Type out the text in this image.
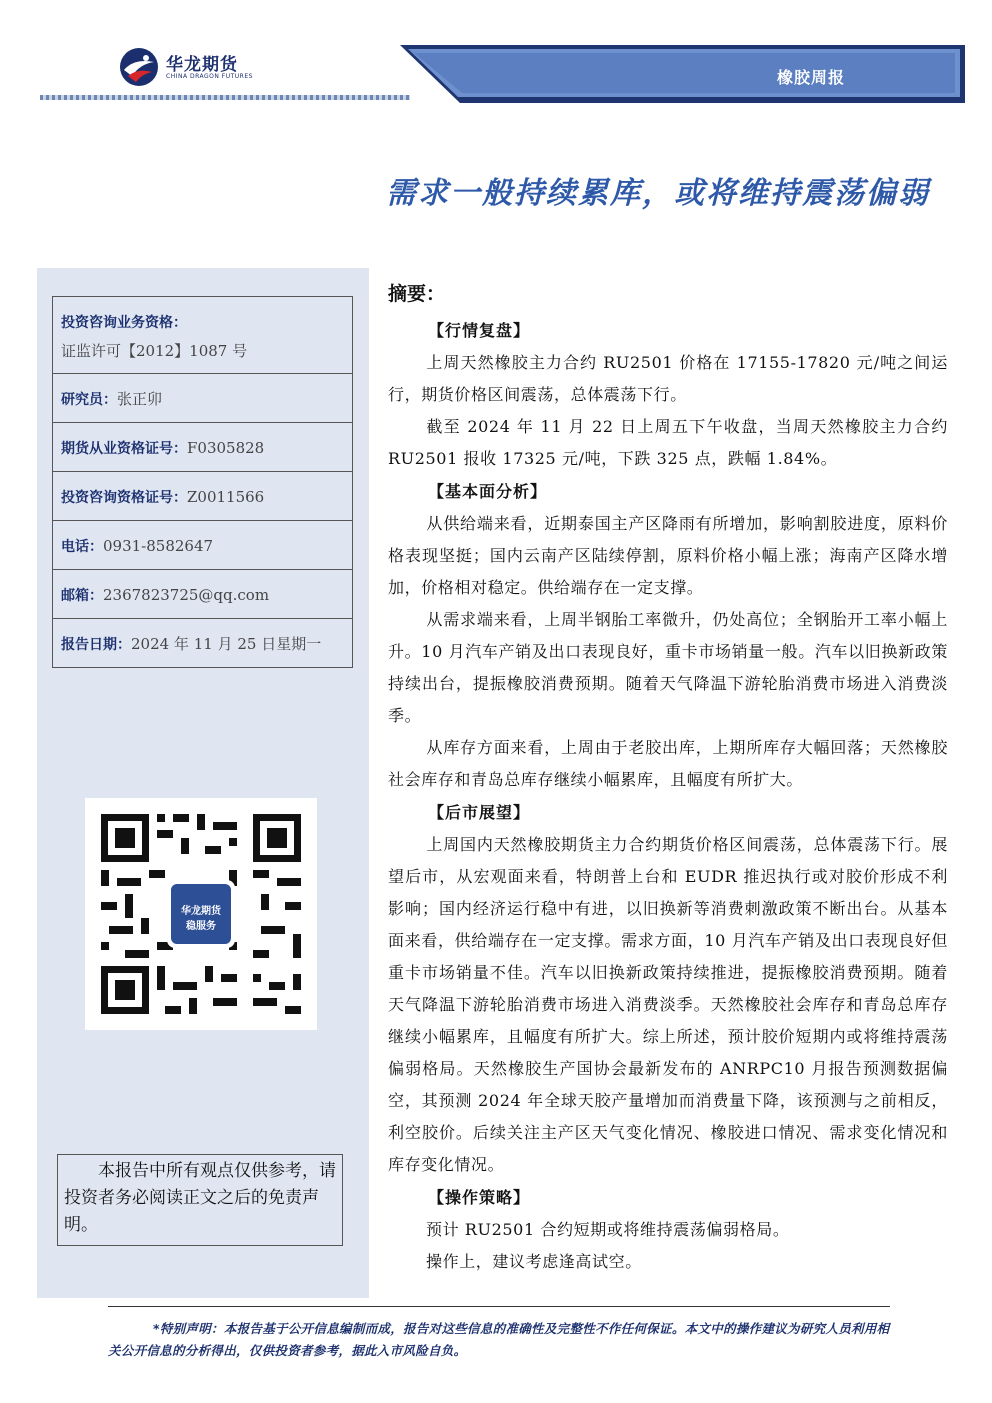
华龙期货
CHINA DRAGON FUTURES	橡胶周报
需求一般持续累库，或将维持震荡偏弱
投资咨询业务资格：
证监许可【2012】1087 号
研究员：张正卯
期货从业资格证号：F0305828
投资咨询资格证号：Z0011566
电话：0931-8582647
邮箱：2367823725@qq.com
报告日期：2024 年 11 月 25 日星期一
华龙期货
稳服务
本报告中所有观点仅供参考，请投资者务必阅读正文之后的免责声明。
摘要：
【行情复盘】

上周天然橡胶主力合约 RU2501 价格在 17155-17820 元/吨之间运行，期货价格区间震荡，总体震荡下行。

截至 2024 年 11 月 22 日上周五下午收盘，当周天然橡胶主力合约 RU2501 报收 17325 元/吨，下跌 325 点，跌幅 1.84%。

【基本面分析】

从供给端来看，近期泰国主产区降雨有所增加，影响割胶进度，原料价格表现坚挺；国内云南产区陆续停割，原料价格小幅上涨；海南产区降水增加，价格相对稳定。供给端存在一定支撑。

从需求端来看，上周半钢胎工率微升，仍处高位；全钢胎开工率小幅上升。10 月汽车产销及出口表现良好，重卡市场销量一般。汽车以旧换新政策持续出台，提振橡胶消费预期。随着天气降温下游轮胎消费市场进入消费淡季。

从库存方面来看，上周由于老胶出库，上期所库存大幅回落；天然橡胶社会库存和青岛总库存继续小幅累库，且幅度有所扩大。

【后市展望】

上周国内天然橡胶期货主力合约期货价格区间震荡，总体震荡下行。展望后市，从宏观面来看，特朗普上台和 EUDR 推迟执行或对胶价形成不利影响；国内经济运行稳中有进，以旧换新等消费刺激政策不断出台。从基本面来看，供给端存在一定支撑。需求方面，10 月汽车产销及出口表现良好但重卡市场销量不佳。汽车以旧换新政策持续推进，提振橡胶消费预期。随着天气降温下游轮胎消费市场进入消费淡季。天然橡胶社会库存和青岛总库存继续小幅累库，且幅度有所扩大。综上所述，预计胶价短期内或将维持震荡偏弱格局。天然橡胶生产国协会最新发布的 ANRPC10 月报告预测数据偏空，其预测 2024 年全球天胶产量增加而消费量下降，该预测与之前相反，利空胶价。后续关注主产区天气变化情况、橡胶进口情况、需求变化情况和库存变化情况。

【操作策略】

预计 RU2501 合约短期或将维持震荡偏弱格局。

操作上，建议考虑逢高试空。

*特别声明：本报告基于公开信息编制而成，报告对这些信息的准确性及完整性不作任何保证。本文中的操作建议为研究人员利用相关公开信息的分析得出，仅供投资者参考，据此入市风险自负。
